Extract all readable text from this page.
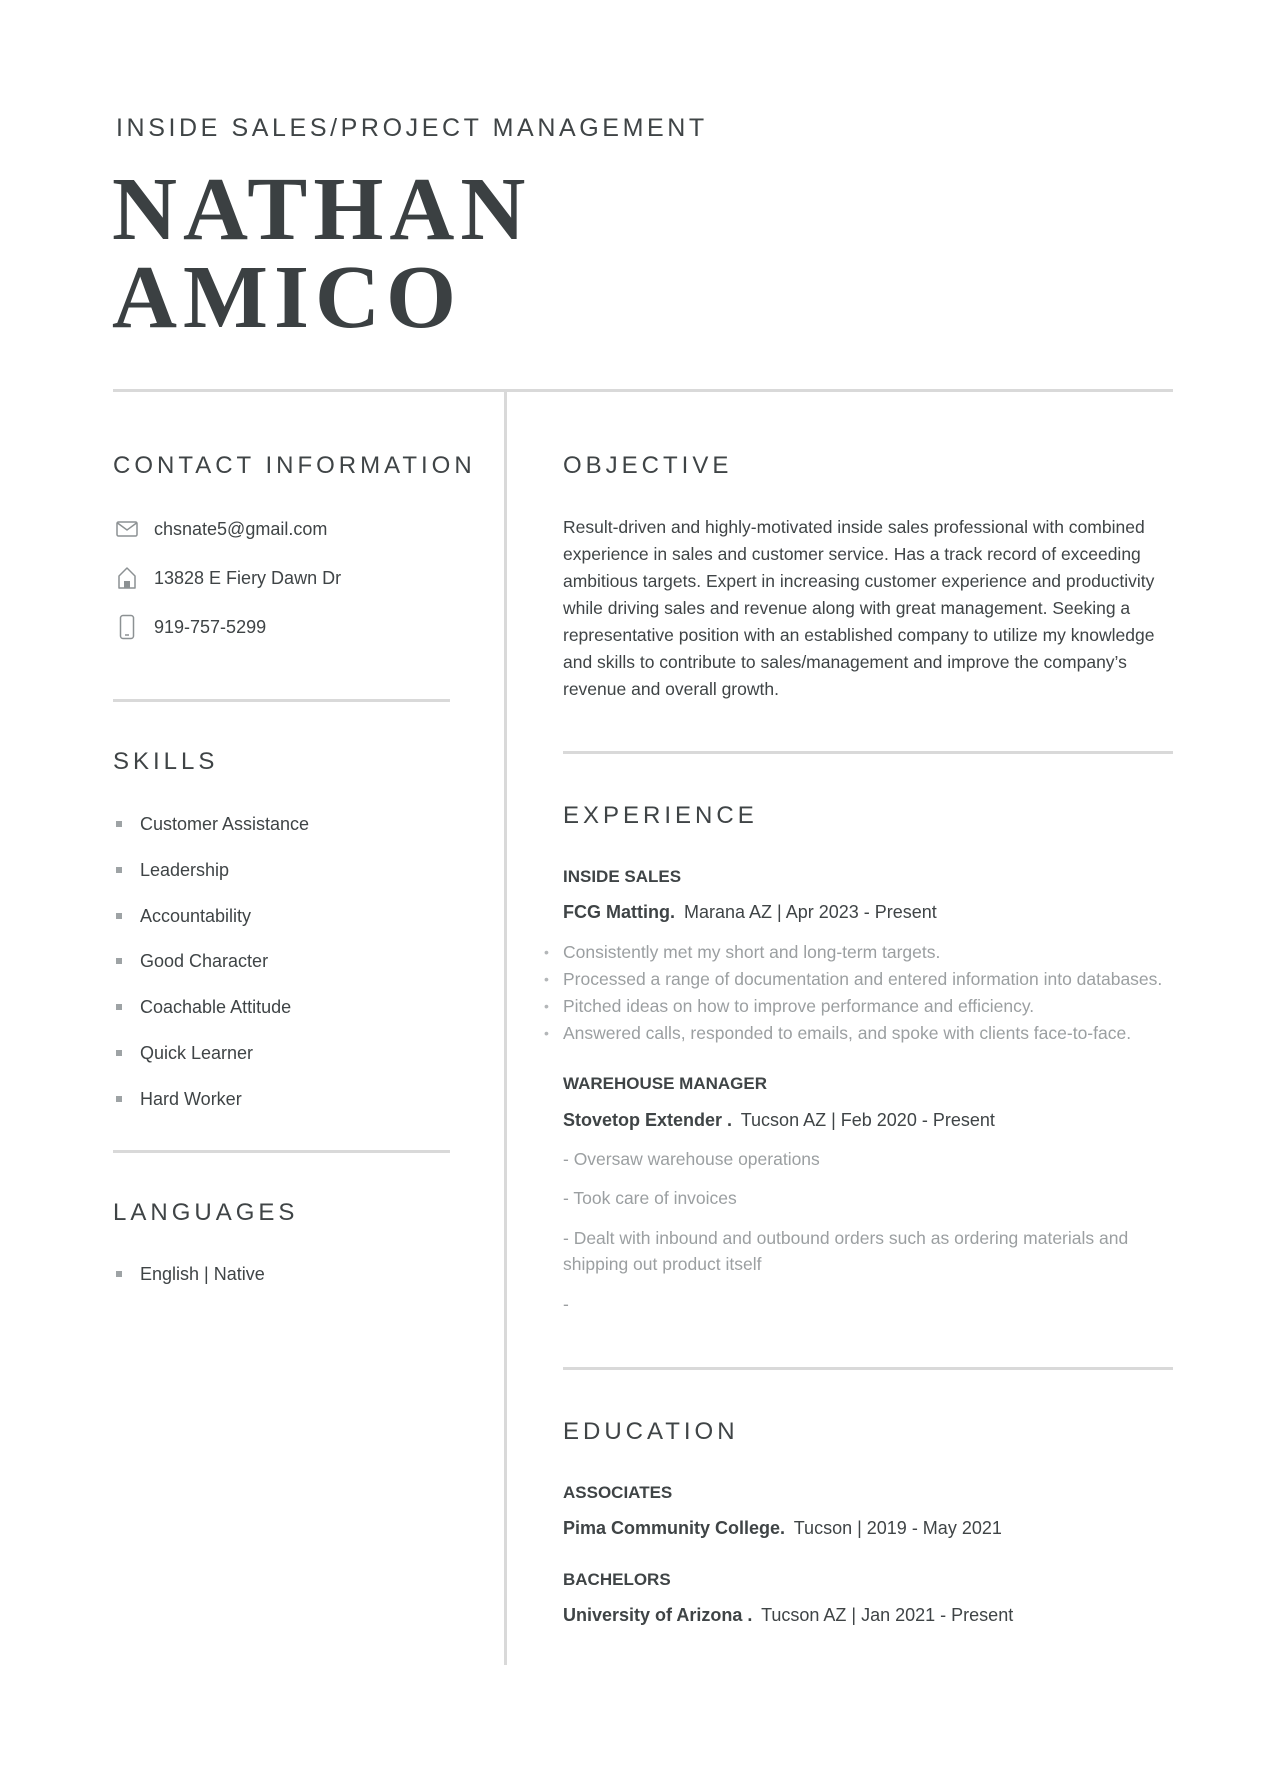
INSIDE SALES/PROJECT MANAGEMENT
NATHAN
AMICO
CONTACT INFORMATION
chsnate5@gmail.com
13828 E Fiery Dawn Dr
919-757-5299
SKILLS
Customer Assistance
Leadership
Accountability
Good Character
Coachable Attitude
Quick Learner
Hard Worker
LANGUAGES
English | Native
OBJECTIVE
Result-driven and highly-motivated inside sales professional with combined
experience in sales and customer service. Has a track record of exceeding
ambitious targets. Expert in increasing customer experience and productivity
while driving sales and revenue along with great management. Seeking a
representative position with an established company to utilize my knowledge
and skills to contribute to sales/management and improve the company’s
revenue and overall growth.
EXPERIENCE
INSIDE SALES
FCG Matting. Marana AZ | Apr 2023 - Present
• Consistently met my short and long-term targets.
• Processed a range of documentation and entered information into databases.
• Pitched ideas on how to improve performance and efficiency.
• Answered calls, responded to emails, and spoke with clients face-to-face.
WAREHOUSE MANAGER
Stovetop Extender . Tucson AZ | Feb 2020 - Present
- Oversaw warehouse operations
- Took care of invoices
- Dealt with inbound and outbound orders such as ordering materials and
shipping out product itself
-
EDUCATION
ASSOCIATES
Pima Community College. Tucson | 2019 - May 2021
BACHELORS
University of Arizona . Tucson AZ | Jan 2021 - Present
